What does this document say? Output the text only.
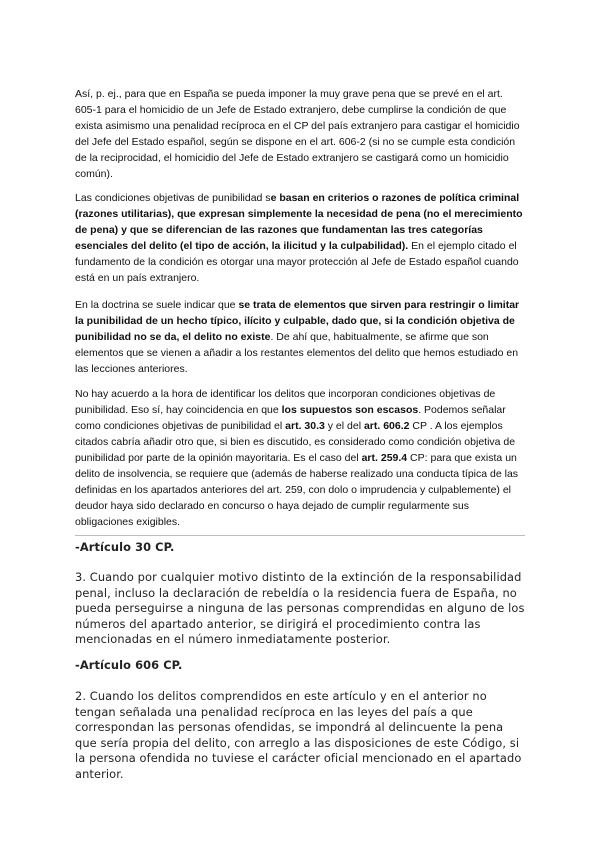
Así, p. ej., para que en España se pueda imponer la muy grave pena que se prevé en el art. 605-1 para el homicidio de un Jefe de Estado extranjero, debe cumplirse la condición de que exista asimismo una penalidad recíproca en el CP del país extranjero para castigar el homicidio del Jefe del Estado español, según se dispone en el art. 606-2 (si no se cumple esta condición de la reciprocidad, el homicidio del Jefe de Estado extranjero se castigará como un homicidio común).

Las condiciones objetivas de punibilidad se basan en criterios o razones de política criminal (razones utilitarias), que expresan simplemente la necesidad de pena (no el merecimiento de pena) y que se diferencian de las razones que fundamentan las tres categorías esenciales del delito (el tipo de acción, la ilicitud y la culpabilidad). En el ejemplo citado el fundamento de la condición es otorgar una mayor protección al Jefe de Estado español cuando está en un país extranjero.

En la doctrina se suele indicar que se trata de elementos que sirven para restringir o limitar la punibilidad de un hecho típico, ilícito y culpable, dado que, si la condición objetiva de punibilidad no se da, el delito no existe. De ahí que, habitualmente, se afirme que son elementos que se vienen a añadir a los restantes elementos del delito que hemos estudiado en las lecciones anteriores.

No hay acuerdo a la hora de identificar los delitos que incorporan condiciones objetivas de punibilidad. Eso sí, hay coincidencia en que los supuestos son escasos. Podemos señalar como condiciones objetivas de punibilidad el art. 30.3 y el del art. 606.2 CP . A los ejemplos citados cabría añadir otro que, si bien es discutido, es considerado como condición objetiva de punibilidad por parte de la opinión mayoritaria. Es el caso del art. 259.4 CP: para que exista un delito de insolvencia, se requiere que (además de haberse realizado una conducta típica de las definidas en los apartados anteriores del art. 259, con dolo o imprudencia y culpablemente) el deudor haya sido declarado en concurso o haya dejado de cumplir regularmente sus obligaciones exigibles.

-Artículo 30 CP.

3. Cuando por cualquier motivo distinto de la extinción de la responsabilidad penal, incluso la declaración de rebeldía o la residencia fuera de España, no pueda perseguirse a ninguna de las personas comprendidas en alguno de los números del apartado anterior, se dirigirá el procedimiento contra las mencionadas en el número inmediatamente posterior.

-Artículo 606 CP.

2. Cuando los delitos comprendidos en este artículo y en el anterior no tengan señalada una penalidad recíproca en las leyes del país a que correspondan las personas ofendidas, se impondrá al delincuente la pena que sería propia del delito, con arreglo a las disposiciones de este Código, si la persona ofendida no tuviese el carácter oficial mencionado en el apartado anterior.
